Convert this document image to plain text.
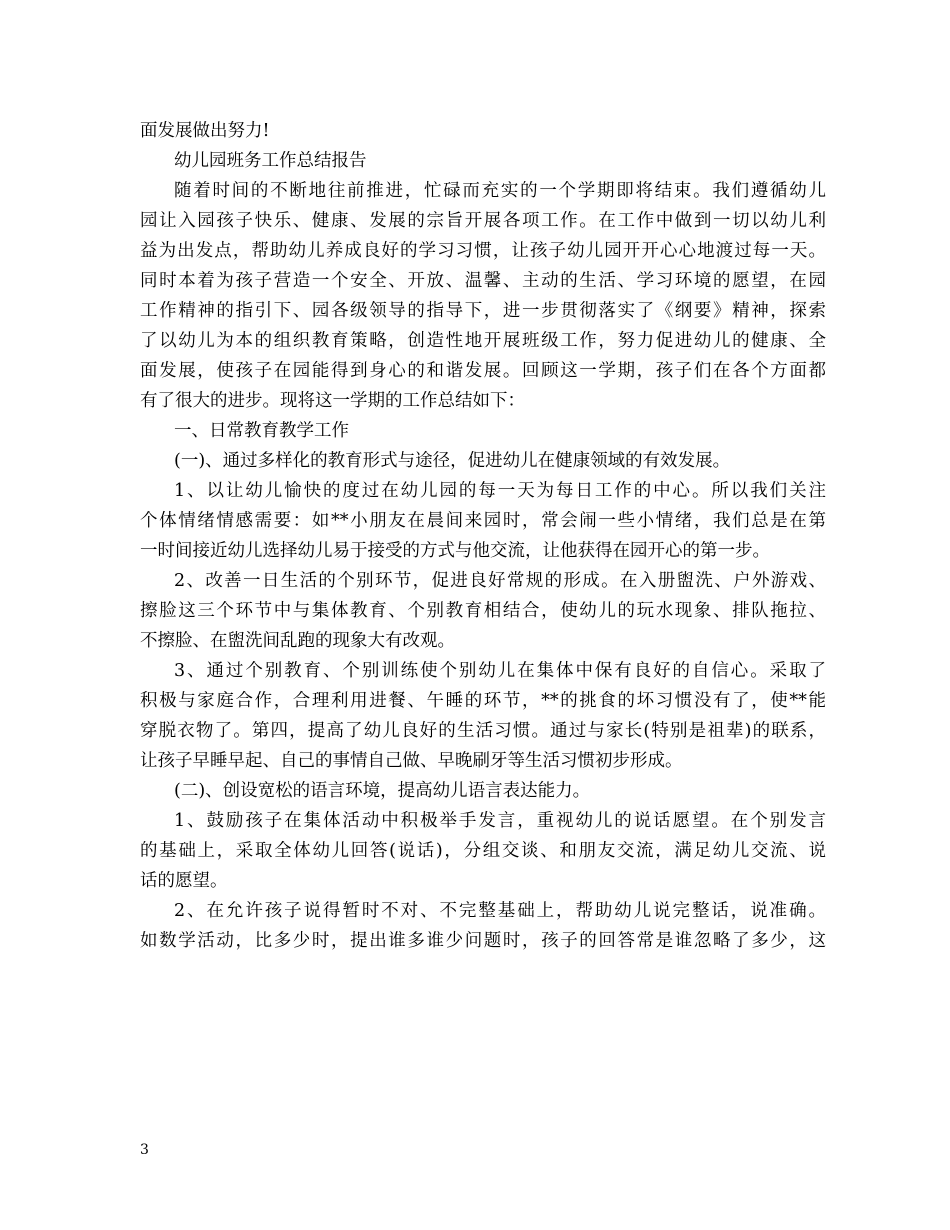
面发展做出努力!
幼儿园班务工作总结报告
随着时间的不断地往前推进，忙碌而充实的一个学期即将结束。我们遵循幼儿
园让入园孩子快乐、健康、发展的宗旨开展各项工作。在工作中做到一切以幼儿利
益为出发点，帮助幼儿养成良好的学习习惯，让孩子幼儿园开开心心地渡过每一天。
同时本着为孩子营造一个安全、开放、温馨、主动的生活、学习环境的愿望，在园
工作精神的指引下、园各级领导的指导下，进一步贯彻落实了《纲要》精神，探索
了以幼儿为本的组织教育策略，创造性地开展班级工作，努力促进幼儿的健康、全
面发展，使孩子在园能得到身心的和谐发展。回顾这一学期，孩子们在各个方面都
有了很大的进步。现将这一学期的工作总结如下：
一、日常教育教学工作
(一)、通过多样化的教育形式与途径，促进幼儿在健康领域的有效发展。
1、以让幼儿愉快的度过在幼儿园的每一天为每日工作的中心。所以我们关注
个体情绪情感需要：如**小朋友在晨间来园时，常会闹一些小情绪，我们总是在第
一时间接近幼儿选择幼儿易于接受的方式与他交流，让他获得在园开心的第一步。
2、改善一日生活的个别环节，促进良好常规的形成。在入册盥洗、户外游戏、
擦脸这三个环节中与集体教育、个别教育相结合，使幼儿的玩水现象、排队拖拉、
不擦脸、在盥洗间乱跑的现象大有改观。
3、通过个别教育、个别训练使个别幼儿在集体中保有良好的自信心。采取了
积极与家庭合作，合理利用进餐、午睡的环节，**的挑食的坏习惯没有了，使**能
穿脱衣物了。第四，提高了幼儿良好的生活习惯。通过与家长(特别是祖辈)的联系，
让孩子早睡早起、自己的事情自己做、早晚刷牙等生活习惯初步形成。
(二)、创设宽松的语言环境，提高幼儿语言表达能力。
1、鼓励孩子在集体活动中积极举手发言，重视幼儿的说话愿望。在个别发言
的基础上，采取全体幼儿回答(说话)，分组交谈、和朋友交流，满足幼儿交流、说
话的愿望。
2、在允许孩子说得暂时不对、不完整基础上，帮助幼儿说完整话，说准确。
如数学活动，比多少时，提出谁多谁少问题时，孩子的回答常是谁忽略了多少，这
3
